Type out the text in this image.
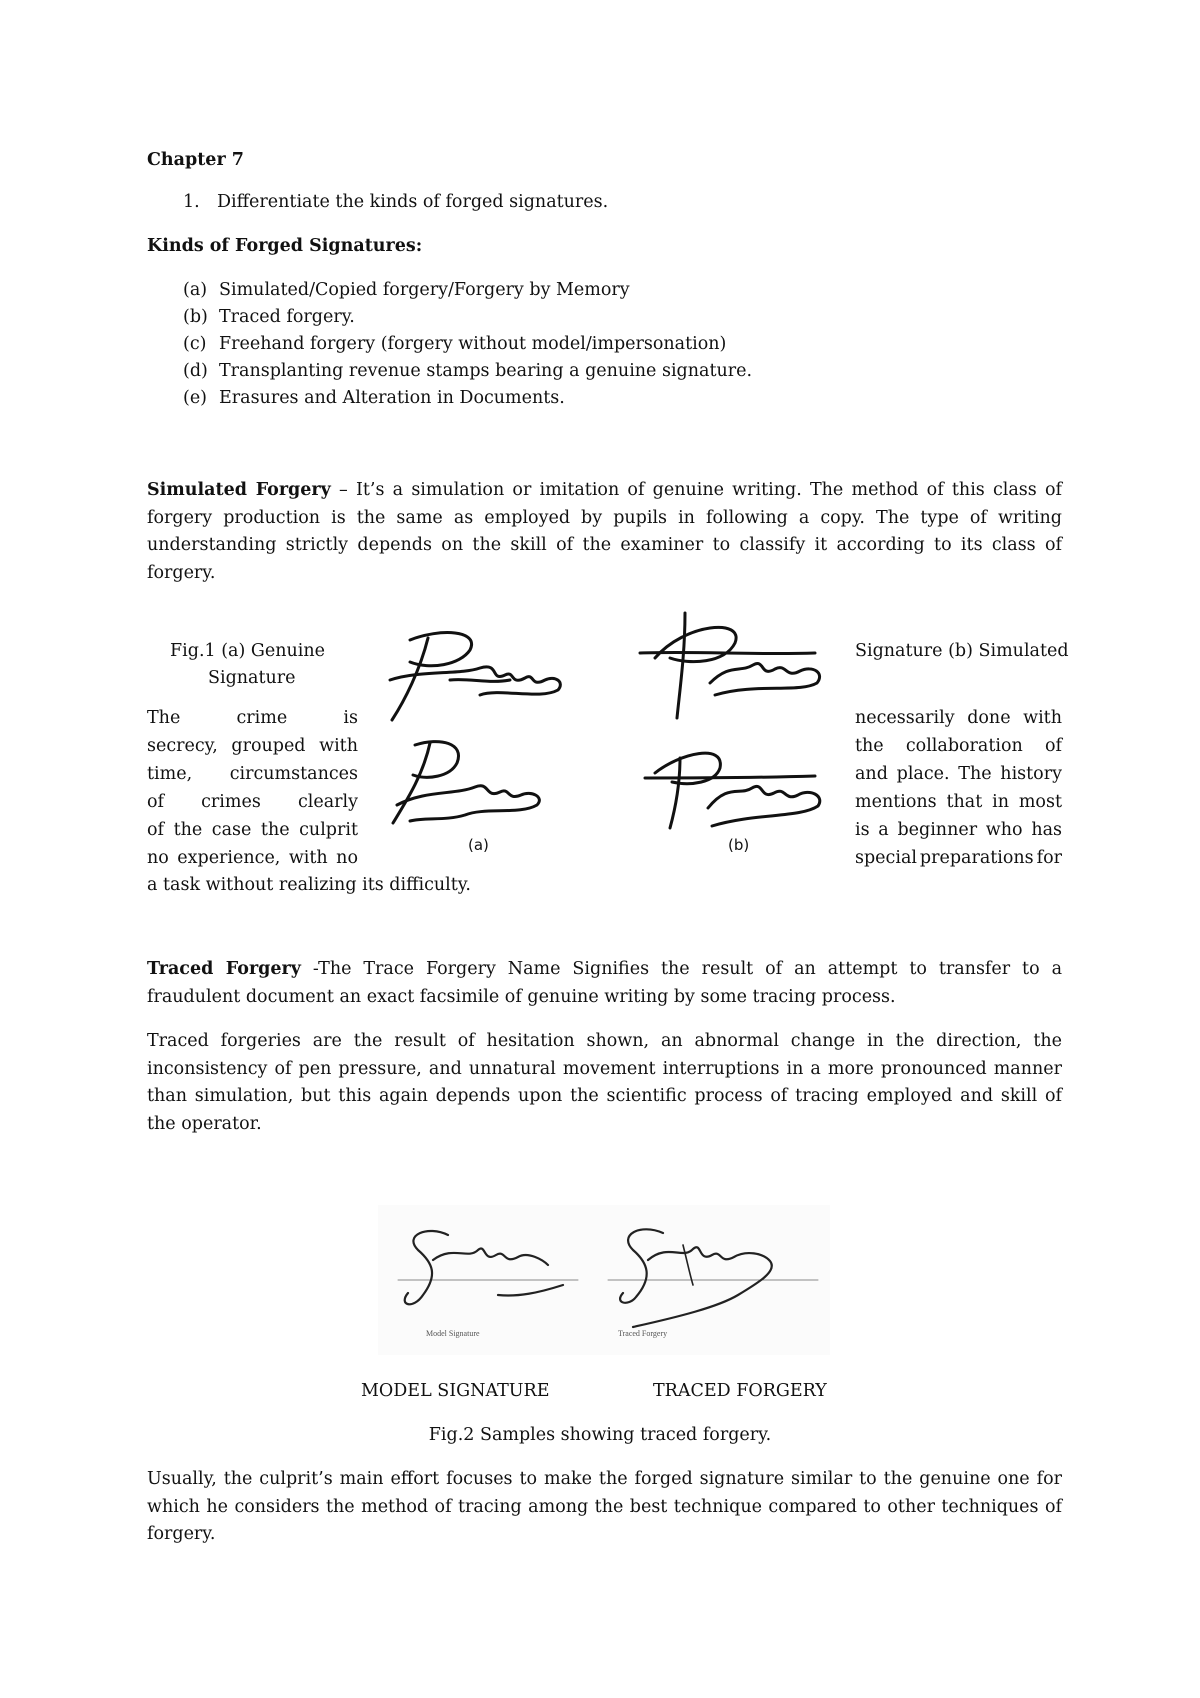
Chapter 7
1. Differentiate the kinds of forged signatures.
Kinds of Forged Signatures:
(a) Simulated/Copied forgery/Forgery by Memory
(b) Traced forgery.
(c) Freehand forgery (forgery without model/impersonation)
(d) Transplanting revenue stamps bearing a genuine signature.
(e) Erasures and Alteration in Documents.
Simulated Forgery – It’s a simulation or imitation of genuine writing. The method of this class of forgery production is the same as employed by pupils in following a copy. The type of writing understanding strictly depends on the skill of the examiner to classify it according to its class of forgery.
Fig.1 (a) Genuine
Signature
Signature (b) Simulated
(a)	(b)
The	crime	is
secrecy, grouped with
time, circumstances
of crimes clearly
of the case the culprit
no experience, with no
necessarily done with
the collaboration of
and place. The history
mentions that in most
is a beginner who has
special preparations for
a task without realizing its difficulty.
Traced Forgery -The Trace Forgery Name Signifies the result of an attempt to transfer to a fraudulent document an exact facsimile of genuine writing by some tracing process.
Traced forgeries are the result of hesitation shown, an abnormal change in the direction, the inconsistency of pen pressure, and unnatural movement interruptions in a more pronounced manner than simulation, but this again depends upon the scientific process of tracing employed and skill of the operator.
Model Signature	Traced Forgery
MODEL SIGNATURE	TRACED FORGERY
Fig.2 Samples showing traced forgery.
Usually, the culprit’s main effort focuses to make the forged signature similar to the genuine one for which he considers the method of tracing among the best technique compared to other techniques of forgery.
